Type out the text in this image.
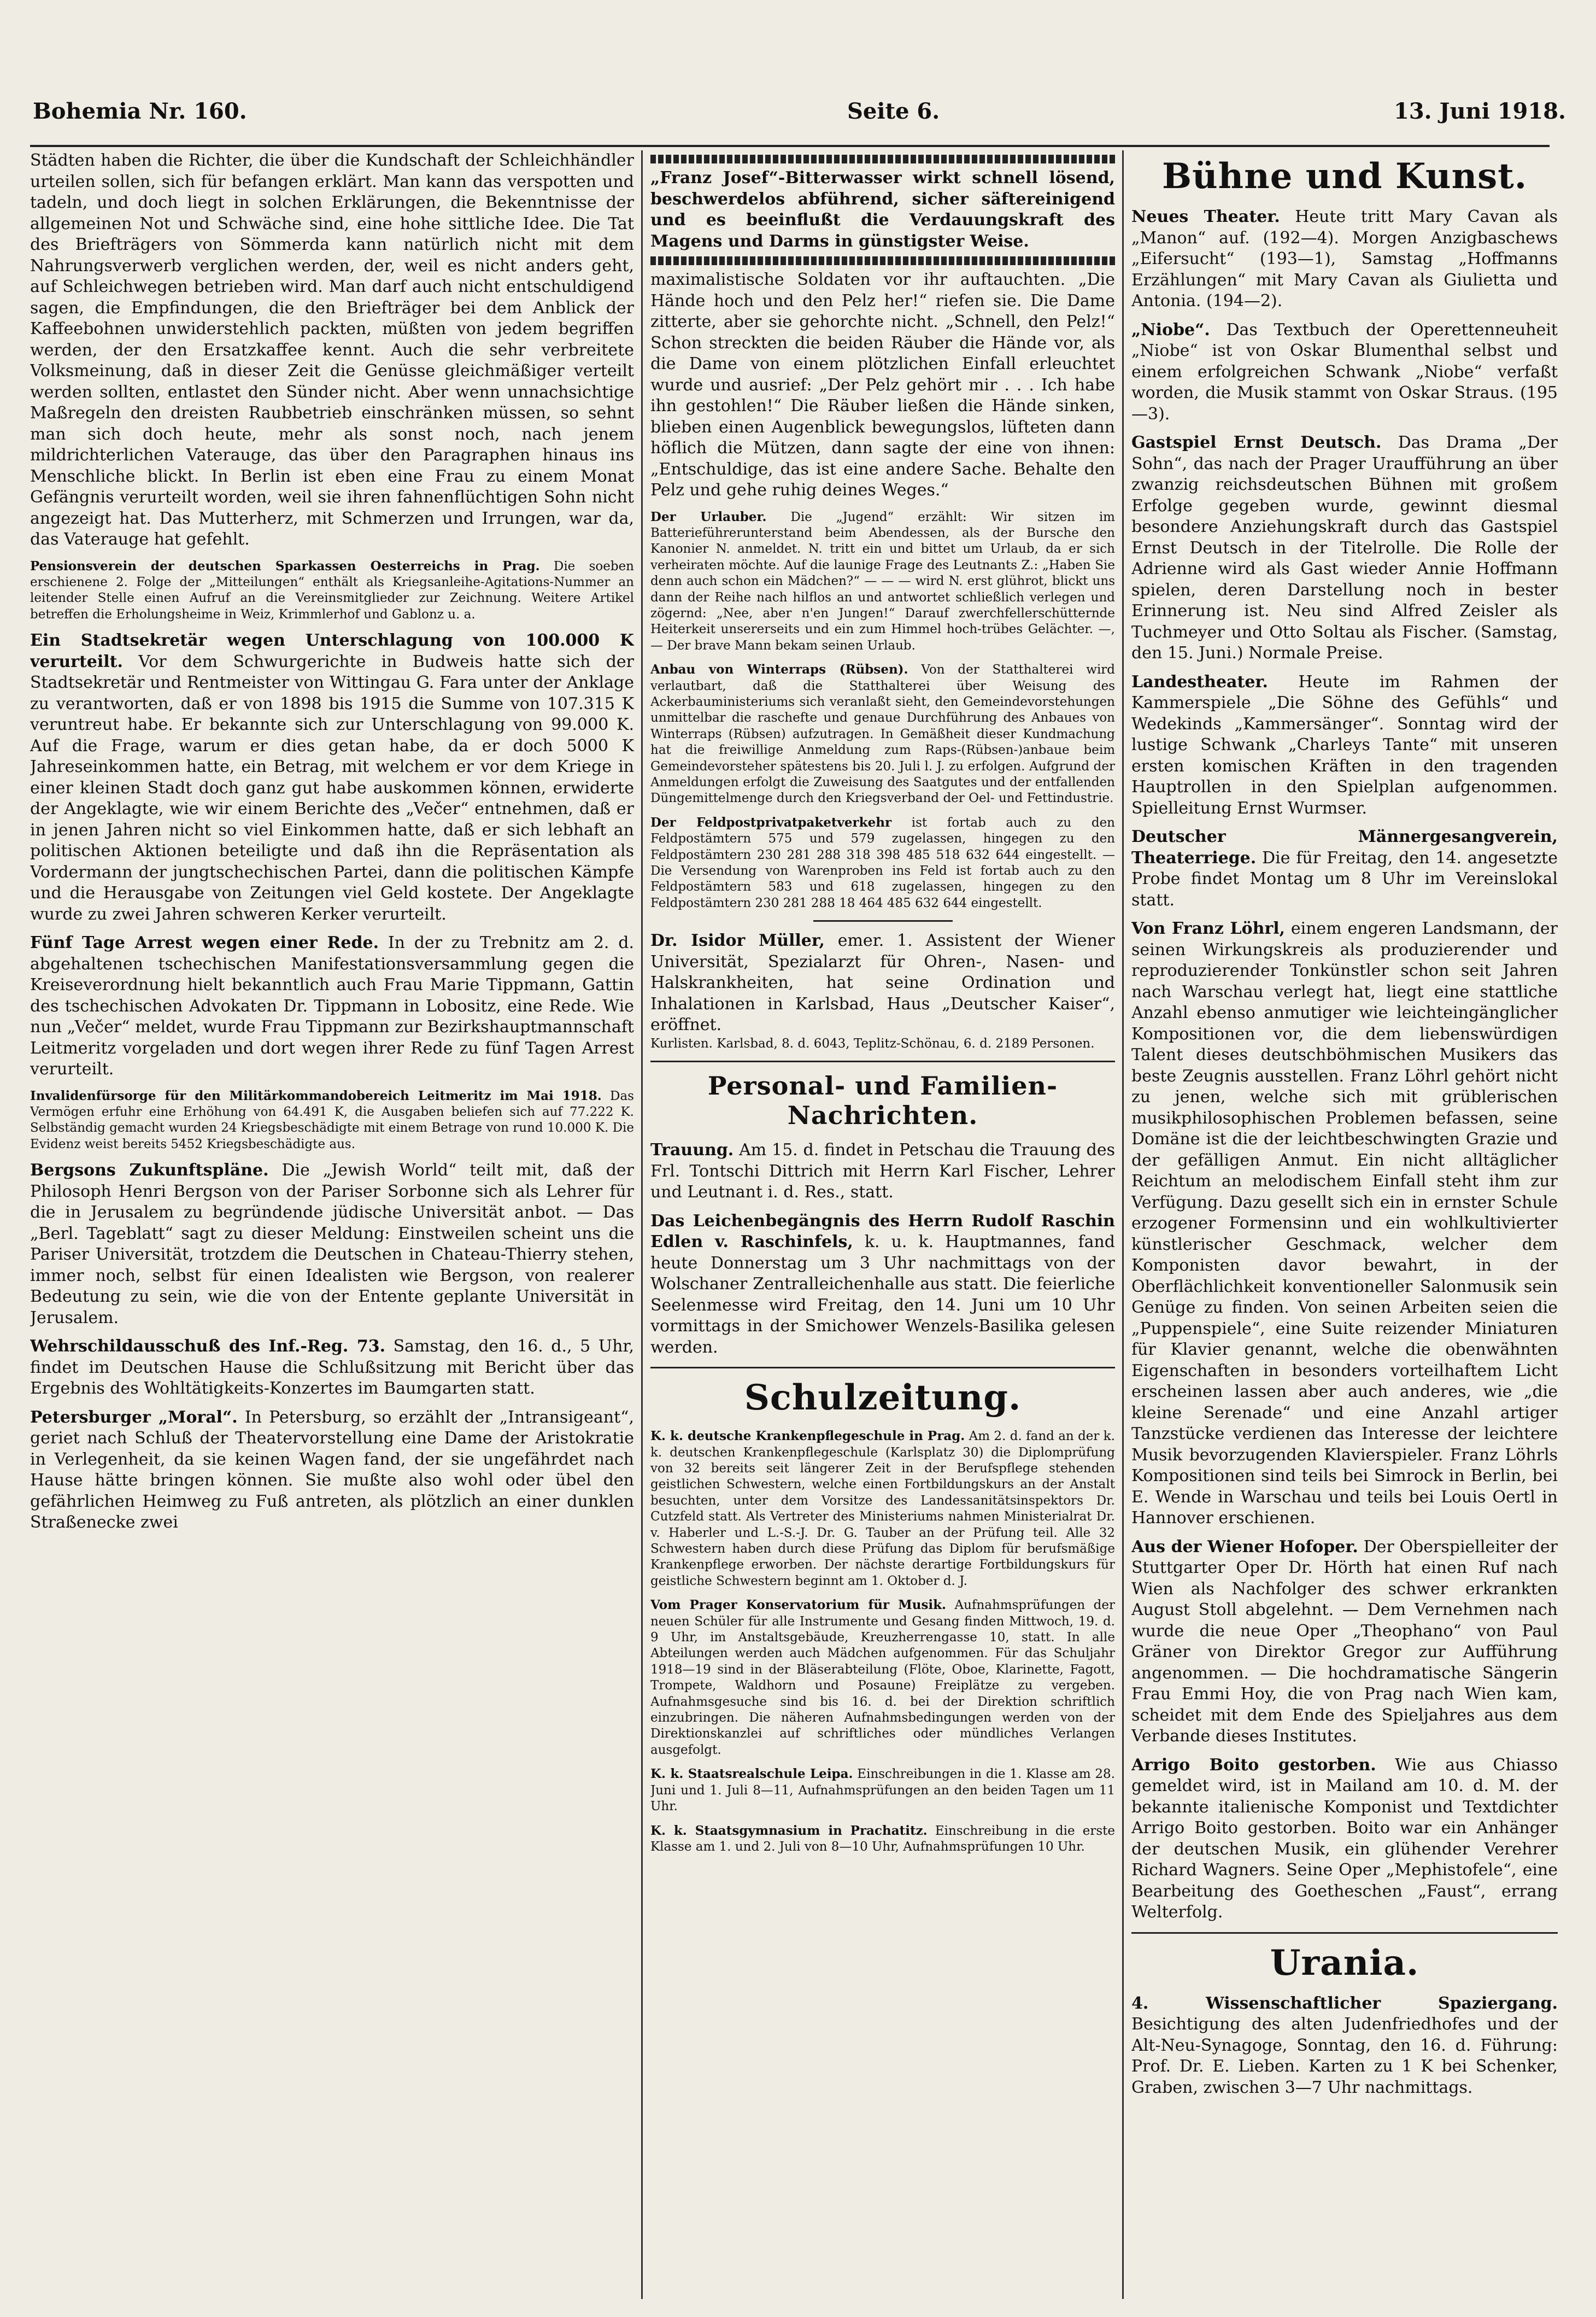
Bohemia Nr. 160.	Seite 6.	13. Juni 1918.

Städten haben die Richter, die über die Kundschaft der Schleichhändler urteilen sollen, sich für befangen erklärt. Man kann das verspotten und tadeln, und doch liegt in solchen Erklärungen, die Bekenntnisse der allgemeinen Not und Schwäche sind, eine hohe sittliche Idee. Die Tat des Briefträgers von Sömmerda kann natürlich nicht mit dem Nahrungsverwerb verglichen werden, der, weil es nicht anders geht, auf Schleichwegen betrieben wird. Man darf auch nicht entschuldigend sagen, die Empfindungen, die den Briefträger bei dem Anblick der Kaffeebohnen unwiderstehlich packten, müßten von jedem begriffen werden, der den Ersatzkaffee kennt. Auch die sehr verbreitete Volksmeinung, daß in dieser Zeit die Genüsse gleichmäßiger verteilt werden sollten, entlastet den Sünder nicht. Aber wenn unnachsichtige Maßregeln den dreisten Raubbetrieb einschränken müssen, so sehnt man sich doch heute, mehr als sonst noch, nach jenem mildrichterlichen Vaterauge, das über den Paragraphen hinaus ins Menschliche blickt. In Berlin ist eben eine Frau zu einem Monat Gefängnis verurteilt worden, weil sie ihren fahnenflüchtigen Sohn nicht angezeigt hat. Das Mutterherz, mit Schmerzen und Irrungen, war da, das Vaterauge hat gefehlt.

Pensionsverein der deutschen Sparkassen Oesterreichs in Prag. Die soeben erschienene 2. Folge der „Mitteilungen“ enthält als Kriegsanleihe-Agitations-Nummer an leitender Stelle einen Aufruf an die Vereinsmitglieder zur Zeichnung. Weitere Artikel betreffen die Erholungsheime in Weiz, Krimmlerhof und Gablonz u. a.

Ein Stadtsekretär wegen Unterschlagung von 100.000 K verurteilt. Vor dem Schwurgerichte in Budweis hatte sich der Stadtsekretär und Rentmeister von Wittingau G. Fara unter der Anklage zu verantworten, daß er von 1898 bis 1915 die Summe von 107.315 K veruntreut habe. Er bekannte sich zur Unterschlagung von 99.000 K. Auf die Frage, warum er dies getan habe, da er doch 5000 K Jahreseinkommen hatte, ein Betrag, mit welchem er vor dem Kriege in einer kleinen Stadt doch ganz gut habe auskommen können, erwiderte der Angeklagte, wie wir einem Berichte des „Večer“ entnehmen, daß er in jenen Jahren nicht so viel Einkommen hatte, daß er sich lebhaft an politischen Aktionen beteiligte und daß ihn die Repräsentation als Vordermann der jungtschechischen Partei, dann die politischen Kämpfe und die Herausgabe von Zeitungen viel Geld kostete. Der Angeklagte wurde zu zwei Jahren schweren Kerker verurteilt.

Fünf Tage Arrest wegen einer Rede. In der zu Trebnitz am 2. d. abgehaltenen tschechischen Manifestationsversammlung gegen die Kreiseverordnung hielt bekanntlich auch Frau Marie Tippmann, Gattin des tschechischen Advokaten Dr. Tippmann in Lobositz, eine Rede. Wie nun „Večer“ meldet, wurde Frau Tippmann zur Bezirkshauptmannschaft Leitmeritz vorgeladen und dort wegen ihrer Rede zu fünf Tagen Arrest verurteilt.

Invalidenfürsorge für den Militärkommandobereich Leitmeritz im Mai 1918. Das Vermögen erfuhr eine Erhöhung von 64.491 K, die Ausgaben beliefen sich auf 77.222 K. Selbständig gemacht wurden 24 Kriegsbeschädigte mit einem Betrage von rund 10.000 K. Die Evidenz weist bereits 5452 Kriegsbeschädigte aus.

Bergsons Zukunftspläne. Die „Jewish World“ teilt mit, daß der Philosoph Henri Bergson von der Pariser Sorbonne sich als Lehrer für die in Jerusalem zu begründende jüdische Universität anbot. — Das „Berl. Tageblatt“ sagt zu dieser Meldung: Einstweilen scheint uns die Pariser Universität, trotzdem die Deutschen in Chateau-Thierry stehen, immer noch, selbst für einen Idealisten wie Bergson, von realerer Bedeutung zu sein, wie die von der Entente geplante Universität in Jerusalem.

Wehrschildausschuß des Inf.-Reg. 73. Samstag, den 16. d., 5 Uhr, findet im Deutschen Hause die Schlußsitzung mit Bericht über das Ergebnis des Wohltätigkeits-Konzertes im Baumgarten statt.

Petersburger „Moral“. In Petersburg, so erzählt der „Intransigeant“, geriet nach Schluß der Theatervorstellung eine Dame der Aristokratie in Verlegenheit, da sie keinen Wagen fand, der sie ungefährdet nach Hause hätte bringen können. Sie mußte also wohl oder übel den gefährlichen Heimweg zu Fuß antreten, als plötzlich an einer dunklen Straßenecke zwei

„Franz Josef“-Bitterwasser wirkt schnell lösend, beschwerdelos abführend, sicher säftereinigend und es beeinflußt die Verdauungskraft des Magens und Darms in günstigster Weise.

maximalistische Soldaten vor ihr auftauchten. „Die Hände hoch und den Pelz her!“ riefen sie. Die Dame zitterte, aber sie gehorchte nicht. „Schnell, den Pelz!“ Schon streckten die beiden Räuber die Hände vor, als die Dame von einem plötzlichen Einfall erleuchtet wurde und ausrief: „Der Pelz gehört mir . . . Ich habe ihn gestohlen!“ Die Räuber ließen die Hände sinken, blieben einen Augenblick bewegungslos, lüfteten dann höflich die Mützen, dann sagte der eine von ihnen: „Entschuldige, das ist eine andere Sache. Behalte den Pelz und gehe ruhig deines Weges.“

Der Urlauber. Die „Jugend“ erzählt: Wir sitzen im Batterieführerunterstand beim Abendessen, als der Bursche den Kanonier N. anmeldet. N. tritt ein und bittet um Urlaub, da er sich verheiraten möchte. Auf die launige Frage des Leutnants Z.: „Haben Sie denn auch schon ein Mädchen?“ — — — wird N. erst glührot, blickt uns dann der Reihe nach hilflos an und antwortet schließlich verlegen und zögernd: „Nee, aber n'en Jungen!“ Darauf zwerchfellerschütternde Heiterkeit unsererseits und ein zum Himmel hoch-trübes Gelächter. —,— Der brave Mann bekam seinen Urlaub.

Anbau von Winterraps (Rübsen). Von der Statthalterei wird verlautbart, daß die Statthalterei über Weisung des Ackerbauministeriums sich veranlaßt sieht, den Gemeindevorstehungen unmittelbar die raschefte und genaue Durchführung des Anbaues von Winterraps (Rübsen) aufzutragen. In Gemäßheit dieser Kundmachung hat die freiwillige Anmeldung zum Raps-(Rübsen-)anbaue beim Gemeindevorsteher spätestens bis 20. Juli l. J. zu erfolgen. Aufgrund der Anmeldungen erfolgt die Zuweisung des Saatgutes und der entfallenden Düngemittelmenge durch den Kriegsverband der Oel- und Fettindustrie.

Der Feldpostprivatpaketverkehr ist fortab auch zu den Feldpostämtern 575 und 579 zugelassen, hingegen zu den Feldpostämtern 230 281 288 318 398 485 518 632 644 eingestellt. — Die Versendung von Warenproben ins Feld ist fortab auch zu den Feldpostämtern 583 und 618 zugelassen, hingegen zu den Feldpostämtern 230 281 288 18 464 485 632 644 eingestellt.

Dr. Isidor Müller, emer. 1. Assistent der Wiener Universität, Spezialarzt für Ohren-, Nasen- und Halskrankheiten, hat seine Ordination und Inhalationen in Karlsbad, Haus „Deutscher Kaiser“, eröffnet.

Kurlisten. Karlsbad, 8. d. 6043, Teplitz-Schönau, 6. d. 2189 Personen.

Personal- und Familien-Nachrichten.

Trauung. Am 15. d. findet in Petschau die Trauung des Frl. Tontschi Dittrich mit Herrn Karl Fischer, Lehrer und Leutnant i. d. Res., statt.

Das Leichenbegängnis des Herrn Rudolf Raschin Edlen v. Raschinfels, k. u. k. Hauptmannes, fand heute Donnerstag um 3 Uhr nachmittags von der Wolschaner Zentralleichenhalle aus statt. Die feierliche Seelenmesse wird Freitag, den 14. Juni um 10 Uhr vormittags in der Smichower Wenzels-Basilika gelesen werden.

Schulzeitung.

K. k. deutsche Krankenpflegeschule in Prag. Am 2. d. fand an der k. k. deutschen Krankenpflegeschule (Karlsplatz 30) die Diplomprüfung von 32 bereits seit längerer Zeit in der Berufspflege stehenden geistlichen Schwestern, welche einen Fortbildungskurs an der Anstalt besuchten, unter dem Vorsitze des Landessanitätsinspektors Dr. Cutzfeld statt. Als Vertreter des Ministeriums nahmen Ministerialrat Dr. v. Haberler und L.-S.-J. Dr. G. Tauber an der Prüfung teil. Alle 32 Schwestern haben durch diese Prüfung das Diplom für berufsmäßige Krankenpflege erworben. Der nächste derartige Fortbildungskurs für geistliche Schwestern beginnt am 1. Oktober d. J.

Vom Prager Konservatorium für Musik. Aufnahmsprüfungen der neuen Schüler für alle Instrumente und Gesang finden Mittwoch, 19. d. 9 Uhr, im Anstaltsgebäude, Kreuzherrengasse 10, statt. In alle Abteilungen werden auch Mädchen aufgenommen. Für das Schuljahr 1918—19 sind in der Bläserabteilung (Flöte, Oboe, Klarinette, Fagott, Trompete, Waldhorn und Posaune) Freiplätze zu vergeben. Aufnahmsgesuche sind bis 16. d. bei der Direktion schriftlich einzubringen. Die näheren Aufnahmsbedingungen werden von der Direktionskanzlei auf schriftliches oder mündliches Verlangen ausgefolgt.

K. k. Staatsrealschule Leipa. Einschreibungen in die 1. Klasse am 28. Juni und 1. Juli 8—11, Aufnahmsprüfungen an den beiden Tagen um 11 Uhr.

K. k. Staatsgymnasium in Prachatitz. Einschreibung in die erste Klasse am 1. und 2. Juli von 8—10 Uhr, Aufnahmsprüfungen 10 Uhr.

Bühne und Kunst.

Neues Theater. Heute tritt Mary Cavan als „Manon“ auf. (192—4). Morgen Anzigbaschews „Eifersucht“ (193—1), Samstag „Hoffmanns Erzählungen“ mit Mary Cavan als Giulietta und Antonia. (194—2).

„Niobe“. Das Textbuch der Operettenneuheit „Niobe“ ist von Oskar Blumenthal selbst und einem erfolgreichen Schwank „Niobe“ verfaßt worden, die Musik stammt von Oskar Straus. (195—3).

Gastspiel Ernst Deutsch. Das Drama „Der Sohn“, das nach der Prager Uraufführung an über zwanzig reichsdeutschen Bühnen mit großem Erfolge gegeben wurde, gewinnt diesmal besondere Anziehungskraft durch das Gastspiel Ernst Deutsch in der Titelrolle. Die Rolle der Adrienne wird als Gast wieder Annie Hoffmann spielen, deren Darstellung noch in bester Erinnerung ist. Neu sind Alfred Zeisler als Tuchmeyer und Otto Soltau als Fischer. (Samstag, den 15. Juni.) Normale Preise.

Landestheater. Heute im Rahmen der Kammerspiele „Die Söhne des Gefühls“ und Wedekinds „Kammersänger“. Sonntag wird der lustige Schwank „Charleys Tante“ mit unseren ersten komischen Kräften in den tragenden Hauptrollen in den Spielplan aufgenommen. Spielleitung Ernst Wurmser.

Deutscher Männergesangverein, Theaterriege. Die für Freitag, den 14. angesetzte Probe findet Montag um 8 Uhr im Vereinslokal statt.

Von Franz Löhrl, einem engeren Landsmann, der seinen Wirkungskreis als produzierender und reproduzierender Tonkünstler schon seit Jahren nach Warschau verlegt hat, liegt eine stattliche Anzahl ebenso anmutiger wie leichteingänglicher Kompositionen vor, die dem liebenswürdigen Talent dieses deutschböhmischen Musikers das beste Zeugnis ausstellen. Franz Löhrl gehört nicht zu jenen, welche sich mit grüblerischen musikphilosophischen Problemen befassen, seine Domäne ist die der leichtbeschwingten Grazie und der gefälligen Anmut. Ein nicht alltäglicher Reichtum an melodischem Einfall steht ihm zur Verfügung. Dazu gesellt sich ein in ernster Schule erzogener Formensinn und ein wohlkultivierter künstlerischer Geschmack, welcher dem Komponisten davor bewahrt, in der Oberflächlichkeit konventioneller Salonmusik sein Genüge zu finden. Von seinen Arbeiten seien die „Puppenspiele“, eine Suite reizender Miniaturen für Klavier genannt, welche die obenwähnten Eigenschaften in besonders vorteilhaftem Licht erscheinen lassen aber auch anderes, wie „die kleine Serenade“ und eine Anzahl artiger Tanzstücke verdienen das Interesse der leichtere Musik bevorzugenden Klavierspieler. Franz Löhrls Kompositionen sind teils bei Simrock in Berlin, bei E. Wende in Warschau und teils bei Louis Oertl in Hannover erschienen.

Aus der Wiener Hofoper. Der Oberspielleiter der Stuttgarter Oper Dr. Hörth hat einen Ruf nach Wien als Nachfolger des schwer erkrankten August Stoll abgelehnt. — Dem Vernehmen nach wurde die neue Oper „Theophano“ von Paul Gräner von Direktor Gregor zur Aufführung angenommen. — Die hochdramatische Sängerin Frau Emmi Hoy, die von Prag nach Wien kam, scheidet mit dem Ende des Spieljahres aus dem Verbande dieses Institutes.

Arrigo Boito gestorben. Wie aus Chiasso gemeldet wird, ist in Mailand am 10. d. M. der bekannte italienische Komponist und Textdichter Arrigo Boito gestorben. Boito war ein Anhänger der deutschen Musik, ein glühender Verehrer Richard Wagners. Seine Oper „Mephistofele“, eine Bearbeitung des Goetheschen „Faust“, errang Welterfolg.

Urania.

4. Wissenschaftlicher Spaziergang. Besichtigung des alten Judenfriedhofes und der Alt-Neu-Synagoge, Sonntag, den 16. d. Führung: Prof. Dr. E. Lieben. Karten zu 1 K bei Schenker, Graben, zwischen 3—7 Uhr nachmittags.
